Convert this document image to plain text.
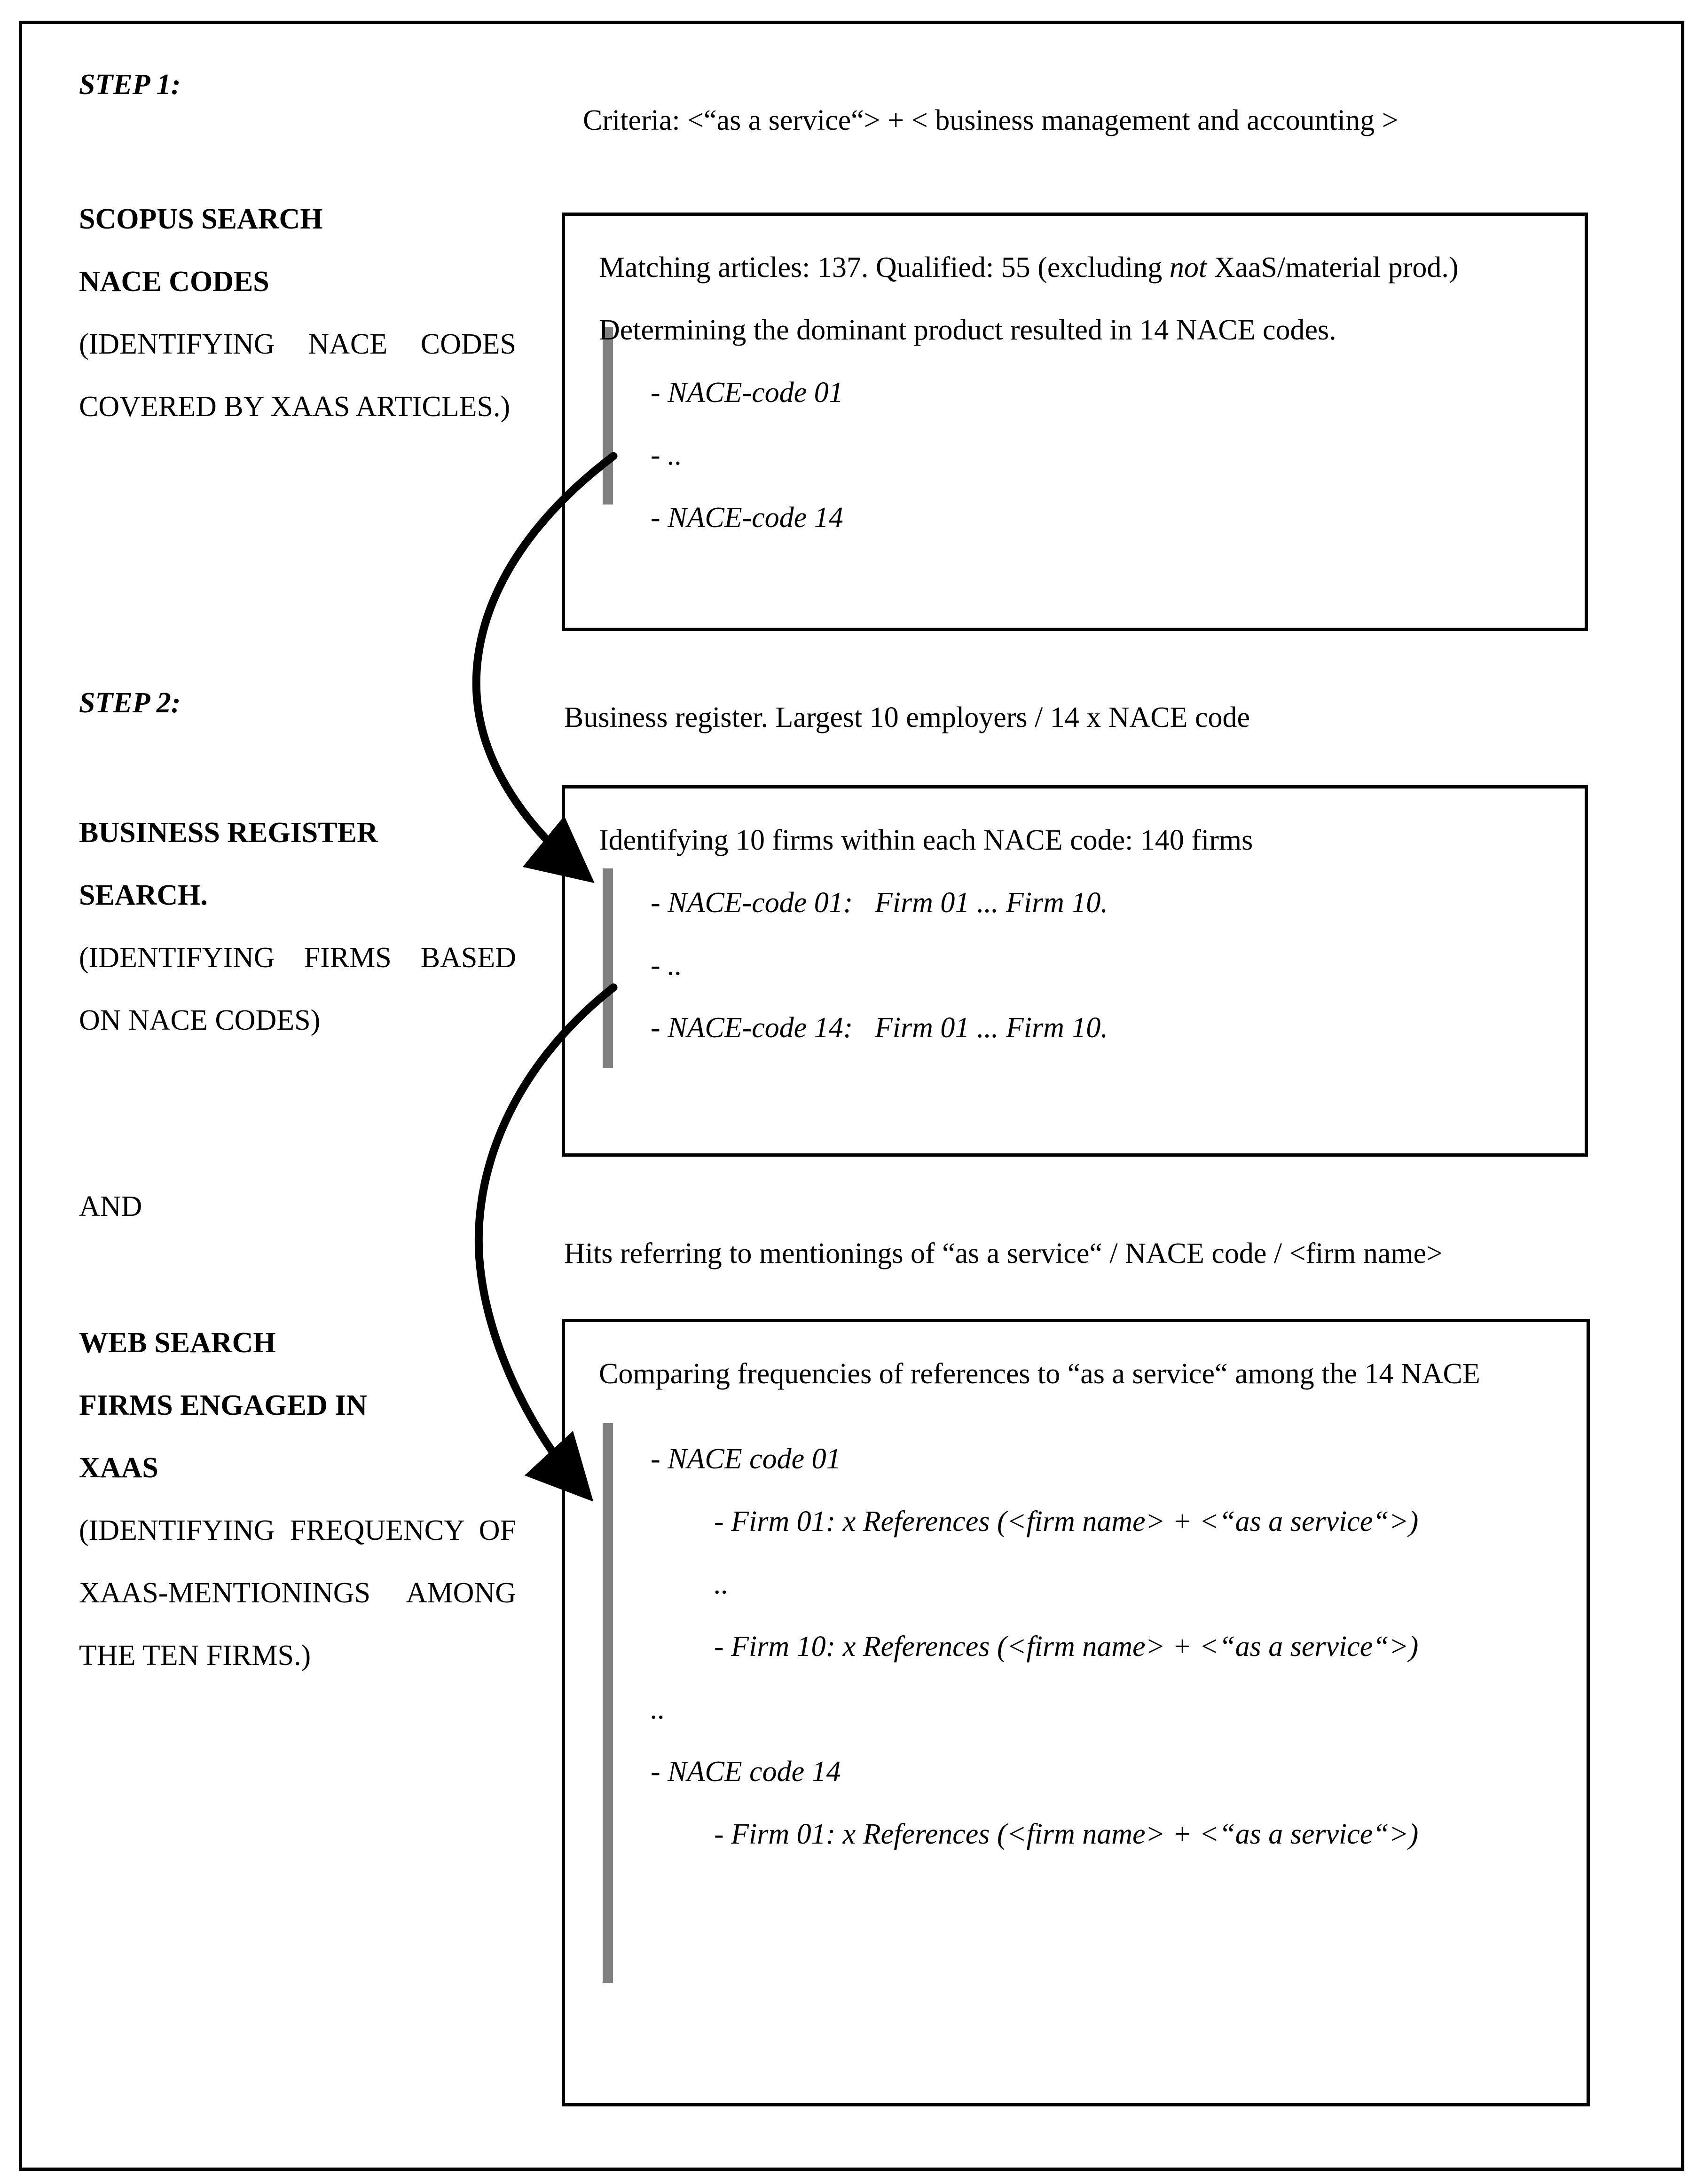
STEP 1:
SCOPUS SEARCH
NACE CODES
(IDENTIFYING NACE CODES COVERED BY XAAS ARTICLES.)
STEP 2:
BUSINESS REGISTER
SEARCH.
(IDENTIFYING FIRMS BASED ON NACE CODES)
AND
WEB SEARCH
FIRMS ENGAGED IN
XAAS
(IDENTIFYING FREQUENCY OF XAAS-MENTIONINGS AMONG THE TEN FIRMS.)
Criteria: <“as a service“> + < business management and accounting >
Matching articles: 137. Qualified: 55 (excluding not XaaS/material prod.)
Determining the dominant product resulted in 14 NACE codes.
- NACE-code 01
- ..
- NACE-code 14
Business register. Largest 10 employers / 14 x NACE code
Identifying 10 firms within each NACE code: 140 firms
- NACE-code 01:   Firm 01 ... Firm 10.
- ..
- NACE-code 14:   Firm 01 ... Firm 10.
Hits referring to mentionings of “as a service“ / NACE code / <firm name>
Comparing frequencies of references to “as a service“ among the 14 NACE
- NACE code 01
- Firm 01: x References (<firm name> + <“as a service“>)
..
- Firm 10: x References (<firm name> + <“as a service“>)
..
- NACE code 14
- Firm 01: x References (<firm name> + <“as a service“>)
